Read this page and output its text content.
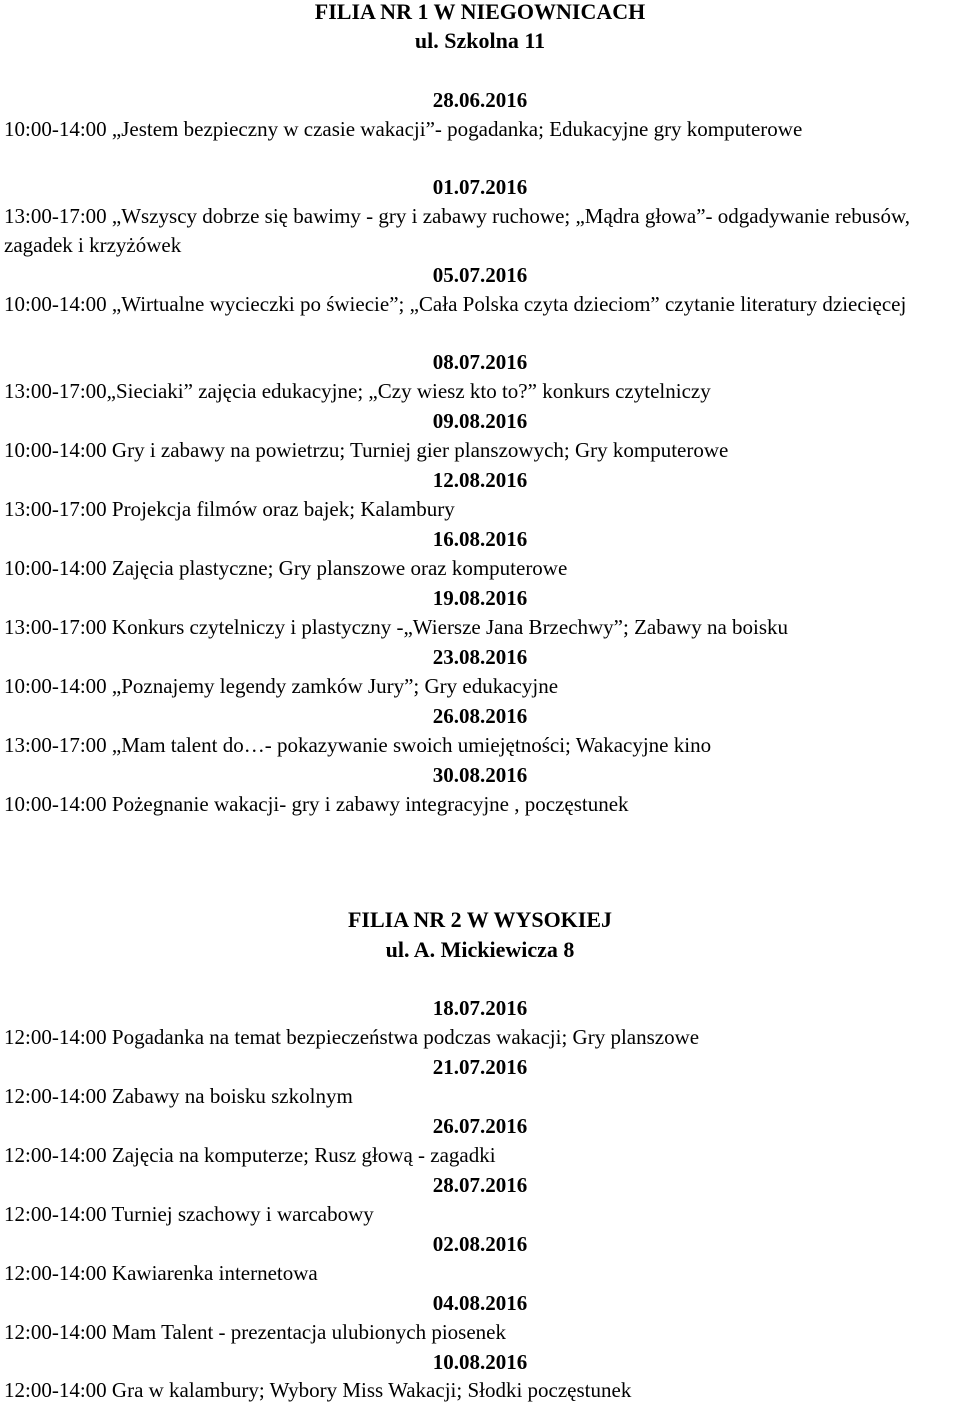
FILIA NR 1 W NIEGOWNICACH
ul. Szkolna 11
28.06.2016
10:00-14:00 „Jestem bezpieczny w czasie wakacji”- pogadanka; Edukacyjne gry komputerowe
01.07.2016
13:00-17:00 „Wszyscy dobrze się bawimy - gry i zabawy ruchowe; „Mądra głowa”- odgadywanie rebusów, zagadek i krzyżówek
05.07.2016
10:00-14:00 „Wirtualne wycieczki po świecie”; „Cała Polska czyta dzieciom” czytanie literatury dziecięcej
08.07.2016
13:00-17:00„Sieciaki” zajęcia edukacyjne; „Czy wiesz kto to?” konkurs czytelniczy
09.08.2016
10:00-14:00 Gry i zabawy na powietrzu; Turniej gier planszowych; Gry komputerowe
12.08.2016
13:00-17:00 Projekcja filmów oraz bajek; Kalambury
16.08.2016
10:00-14:00 Zajęcia plastyczne; Gry planszowe oraz komputerowe
19.08.2016
13:00-17:00 Konkurs czytelniczy i plastyczny -„Wiersze Jana Brzechwy”; Zabawy na boisku
23.08.2016
10:00-14:00 „Poznajemy legendy zamków Jury”; Gry edukacyjne
26.08.2016
13:00-17:00 „Mam talent do…- pokazywanie swoich umiejętności; Wakacyjne kino
30.08.2016
10:00-14:00 Pożegnanie wakacji- gry i zabawy integracyjne , poczęstunek
FILIA NR 2 W WYSOKIEJ
ul. A. Mickiewicza 8
18.07.2016
12:00-14:00 Pogadanka na temat bezpieczeństwa podczas wakacji; Gry planszowe
21.07.2016
12:00-14:00 Zabawy na boisku szkolnym
26.07.2016
12:00-14:00 Zajęcia na komputerze; Rusz głową - zagadki
28.07.2016
12:00-14:00 Turniej szachowy i warcabowy
02.08.2016
12:00-14:00 Kawiarenka internetowa
04.08.2016
12:00-14:00 Mam Talent - prezentacja ulubionych piosenek
10.08.2016
12:00-14:00 Gra w kalambury; Wybory Miss Wakacji; Słodki poczęstunek
